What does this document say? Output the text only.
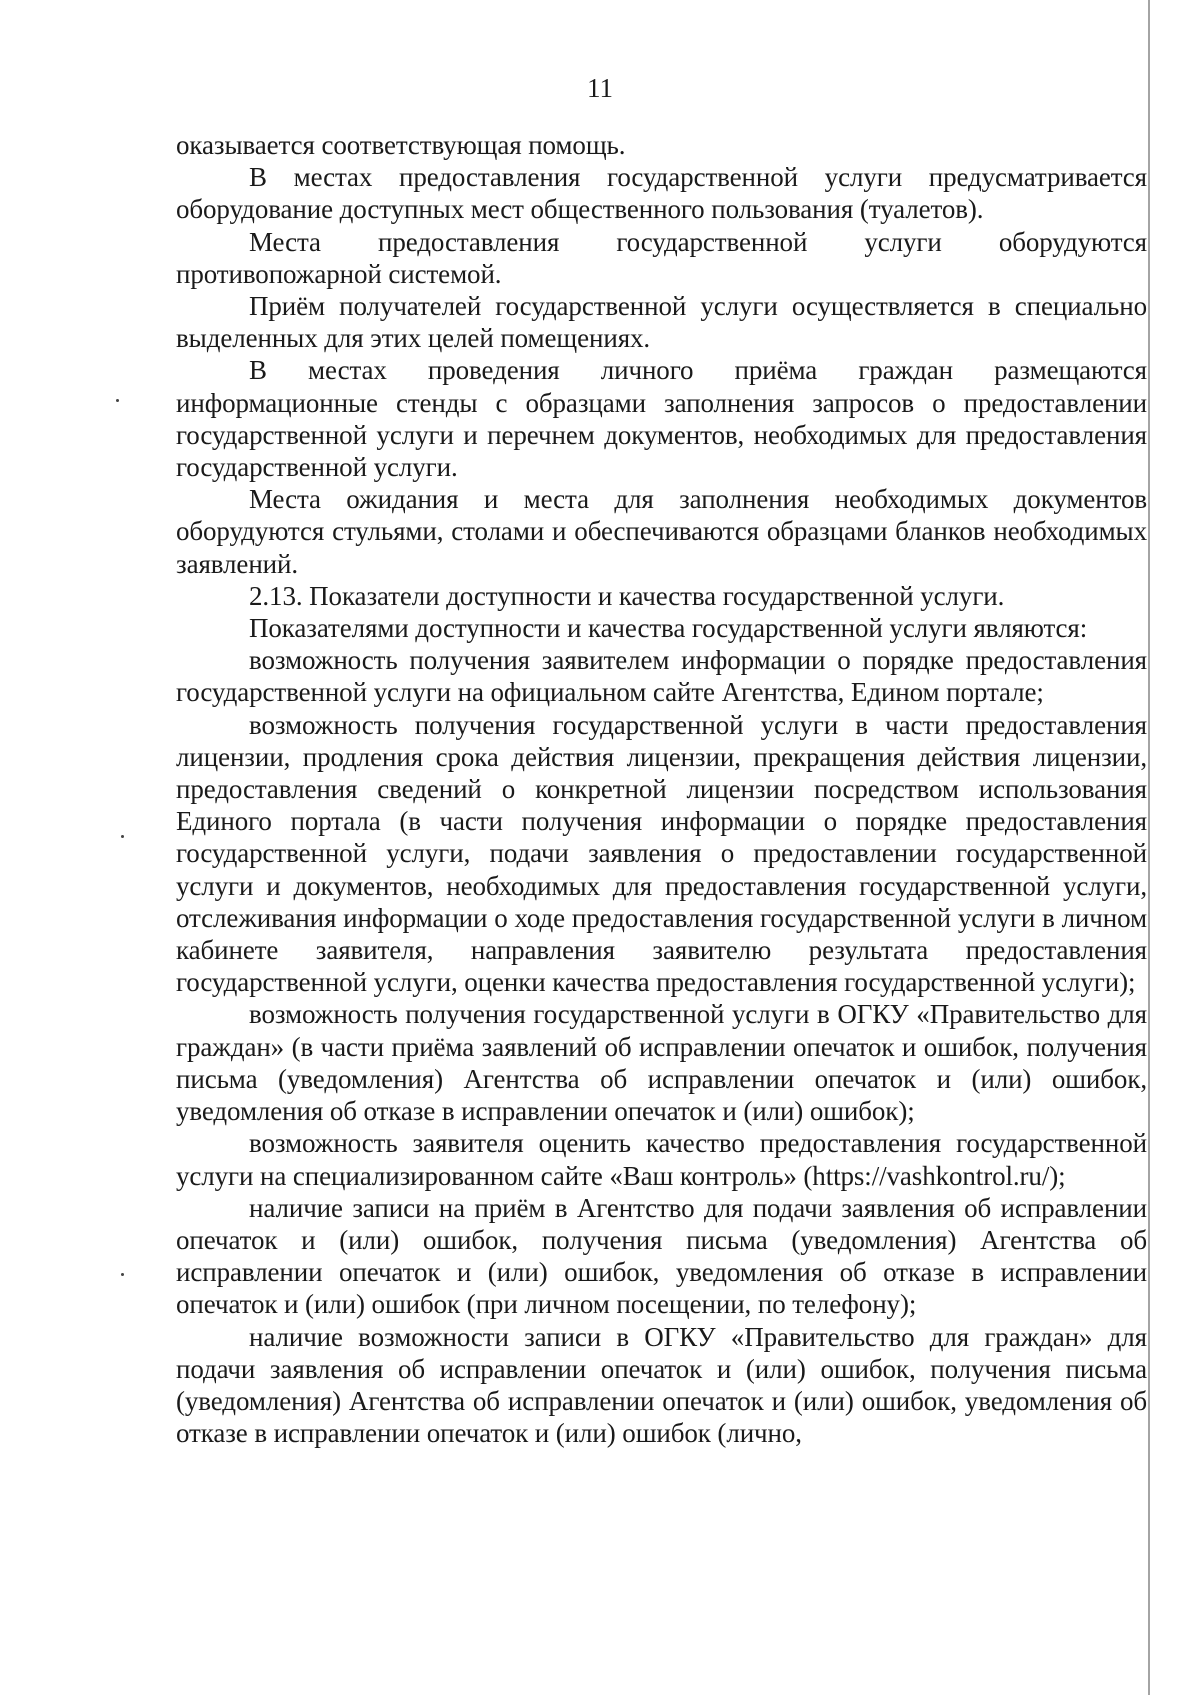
11

оказывается соответствующая помощь.

В местах предоставления государственной услуги предусматривается оборудование доступных мест общественного пользования (туалетов).

Места предоставления государственной услуги оборудуются противопожарной системой.

Приём получателей государственной услуги осуществляется в специально выделенных для этих целей помещениях.

В местах проведения личного приёма граждан размещаются информационные стенды с образцами заполнения запросов о предоставлении государственной услуги и перечнем документов, необходимых для предоставления государственной услуги.

Места ожидания и места для заполнения необходимых документов оборудуются стульями, столами и обеспечиваются образцами бланков необходимых заявлений.

2.13. Показатели доступности и качества государственной услуги.

Показателями доступности и качества государственной услуги являются:

возможность получения заявителем информации о порядке предоставления государственной услуги на официальном сайте Агентства, Едином портале;

возможность получения государственной услуги в части предоставления лицензии, продления срока действия лицензии, прекращения действия лицензии, предоставления сведений о конкретной лицензии посредством использования Единого портала (в части получения информации о порядке предоставления государственной услуги, подачи заявления о предоставлении государственной услуги и документов, необходимых для предоставления государственной услуги, отслеживания информации о ходе предоставления государственной услуги в личном кабинете заявителя, направления заявителю результата предоставления государственной услуги, оценки качества предоставления государственной услуги);

возможность получения государственной услуги в ОГКУ «Правительство для граждан» (в части приёма заявлений об исправлении опечаток и ошибок, получения письма (уведомления) Агентства об исправлении опечаток и (или) ошибок, уведомления об отказе в исправлении опечаток и (или) ошибок);

возможность заявителя оценить качество предоставления государственной услуги на специализированном сайте «Ваш контроль» (https://vashkontrol.ru/);

наличие записи на приём в Агентство для подачи заявления об исправлении опечаток и (или) ошибок, получения письма (уведомления) Агентства об исправлении опечаток и (или) ошибок, уведомления об отказе в исправлении опечаток и (или) ошибок (при личном посещении, по телефону);

наличие возможности записи в ОГКУ «Правительство для граждан» для подачи заявления об исправлении опечаток и (или) ошибок, получения письма (уведомления) Агентства об исправлении опечаток и (или) ошибок, уведомления об отказе в исправлении опечаток и (или) ошибок (лично,
